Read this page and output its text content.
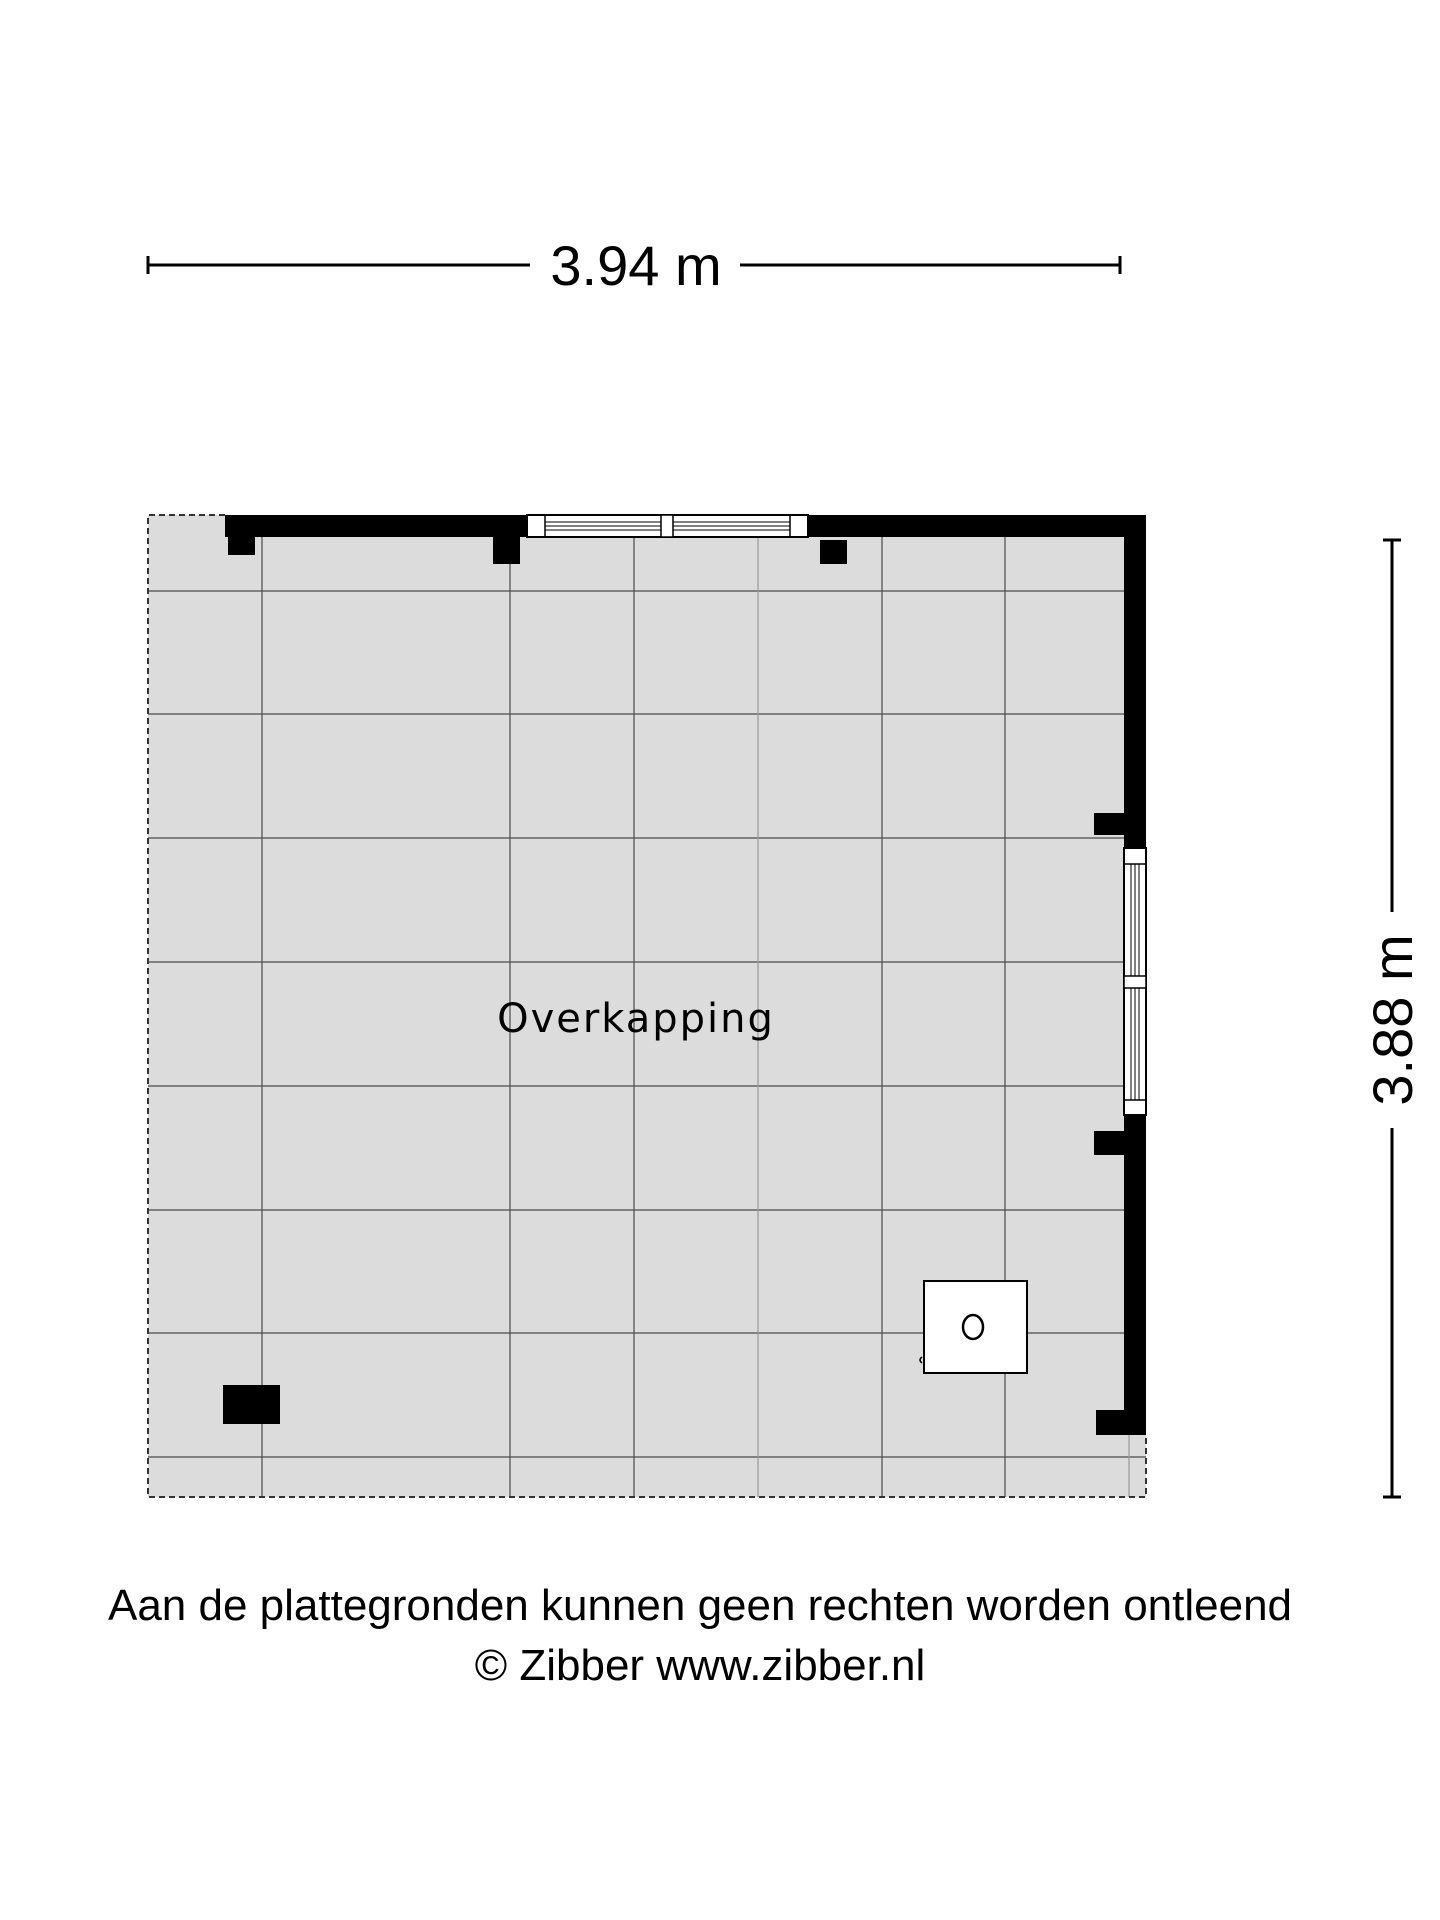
3.94 m
3.88 m
Overkapping
Aan de plattegronden kunnen geen rechten worden ontleend
© Zibber www.zibber.nl
